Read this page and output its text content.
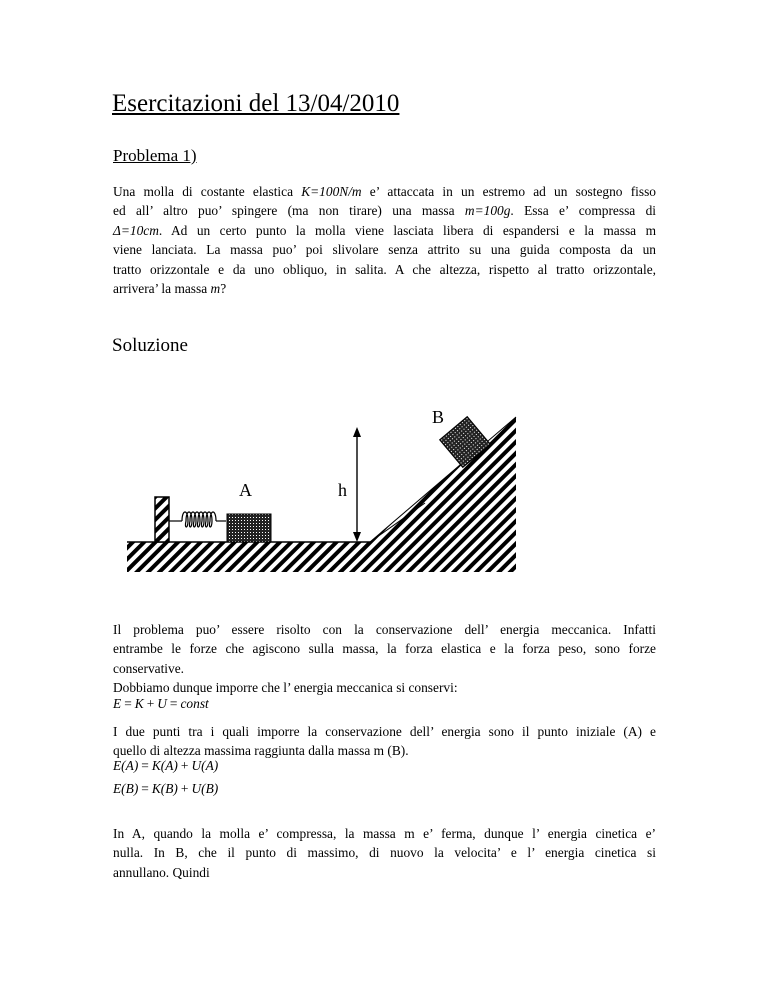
Esercitazioni del 13/04/2010
Problema 1)
Una molla di costante elastica K=100N/m e’ attaccata in un estremo ad un sostegno fisso
ed all’ altro puo’ spingere (ma non tirare) una massa m=100g. Essa e’ compressa di
Δ=10cm. Ad un certo punto la molla viene lasciata libera di espandersi e la massa m
viene lanciata. La massa puo’ poi slivolare senza attrito su una guida composta da un
tratto orizzontale e da uno obliquo, in salita. A che altezza, rispetto al tratto orizzontale,
arrivera’ la massa m?
Soluzione
B
A	h
Il problema puo’ essere risolto con la conservazione dell’ energia meccanica. Infatti
entrambe le forze che agiscono sulla massa, la forza elastica e la forza peso, sono forze
conservative.
Dobbiamo dunque imporre che l’ energia meccanica si conservi:
E = K + U = const
I due punti tra i quali imporre la conservazione dell’ energia sono il punto iniziale (A) e
quello di altezza massima raggiunta dalla massa m (B).
E(A) = K(A) + U(A)
E(B) = K(B) + U(B)
In A, quando la molla e’ compressa, la massa m e’ ferma, dunque l’ energia cinetica e’
nulla. In B, che il punto di massimo, di nuovo la velocita’ e l’ energia cinetica si
annullano. Quindi
